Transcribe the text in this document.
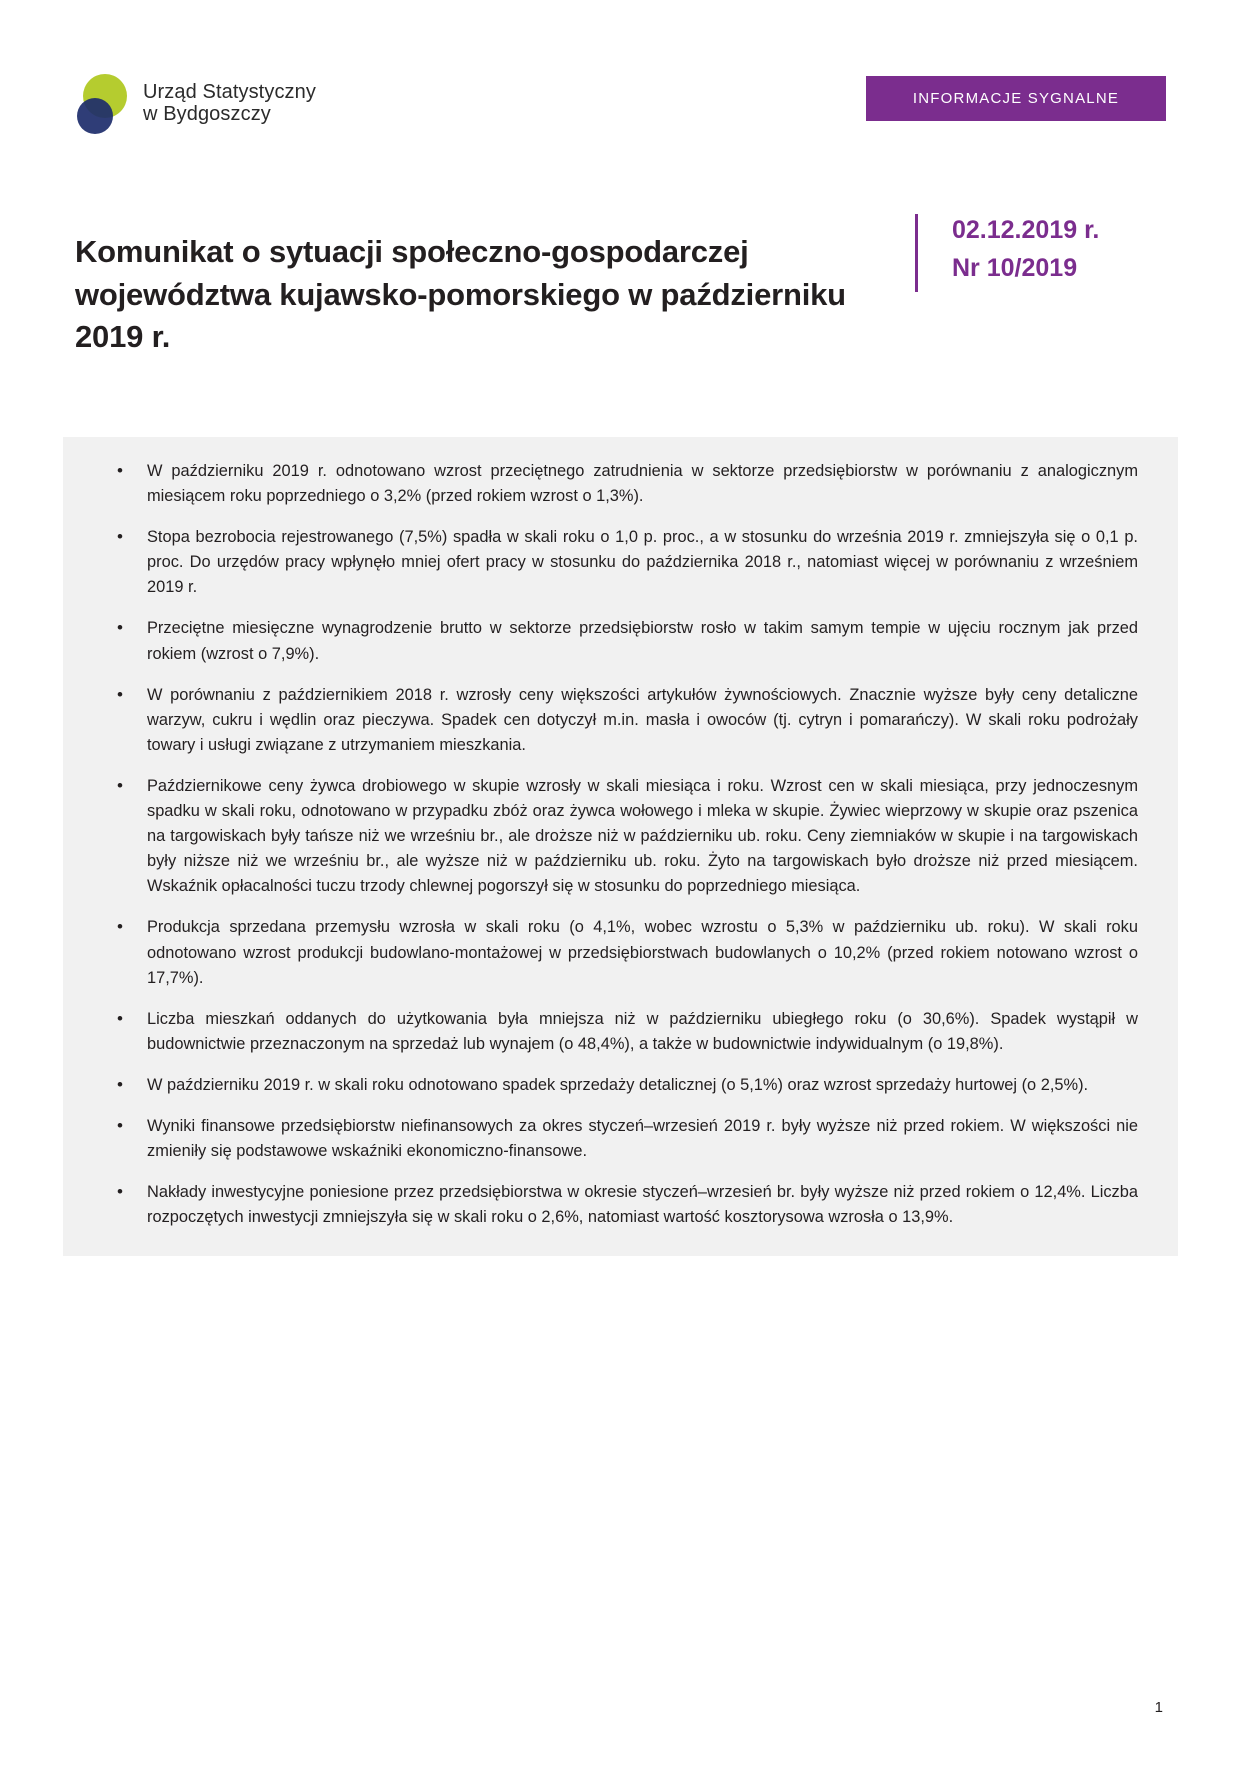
Urząd Statystyczny
w Bydgoszczy
INFORMACJE SYGNALNE
Komunikat o sytuacji społeczno-gospodarczej województwa kujawsko-pomorskiego w październiku 2019 r.
02.12.2019 r.
Nr 10/2019
• W październiku 2019 r. odnotowano wzrost przeciętnego zatrudnienia w sektorze przedsiębiorstw w porównaniu z analogicznym miesiącem roku poprzedniego o 3,2% (przed rokiem wzrost o 1,3%).
• Stopa bezrobocia rejestrowanego (7,5%) spadła w skali roku o 1,0 p. proc., a w stosunku do września 2019 r. zmniejszyła się o 0,1 p. proc. Do urzędów pracy wpłynęło mniej ofert pracy w stosunku do października 2018 r., natomiast więcej w porównaniu z wrześniem 2019 r.
• Przeciętne miesięczne wynagrodzenie brutto w sektorze przedsiębiorstw rosło w takim samym tempie w ujęciu rocznym jak przed rokiem (wzrost o 7,9%).
• W porównaniu z październikiem 2018 r. wzrosły ceny większości artykułów żywnościowych. Znacznie wyższe były ceny detaliczne warzyw, cukru i wędlin oraz pieczywa. Spadek cen dotyczył m.in. masła i owoców (tj. cytryn i pomarańczy). W skali roku podrożały towary i usługi związane z utrzymaniem mieszkania.
• Październikowe ceny żywca drobiowego w skupie wzrosły w skali miesiąca i roku. Wzrost cen w skali miesiąca, przy jednoczesnym spadku w skali roku, odnotowano w przypadku zbóż oraz żywca wołowego i mleka w skupie. Żywiec wieprzowy w skupie oraz pszenica na targowiskach były tańsze niż we wrześniu br., ale droższe niż w październiku ub. roku. Ceny ziemniaków w skupie i na targowiskach były niższe niż we wrześniu br., ale wyższe niż w październiku ub. roku. Żyto na targowiskach było droższe niż przed miesiącem. Wskaźnik opłacalności tuczu trzody chlewnej pogorszył się w stosunku do poprzedniego miesiąca.
• Produkcja sprzedana przemysłu wzrosła w skali roku (o 4,1%, wobec wzrostu o 5,3% w październiku ub. roku). W skali roku odnotowano wzrost produkcji budowlano-montażowej w przedsiębiorstwach budowlanych o 10,2% (przed rokiem notowano wzrost o 17,7%).
• Liczba mieszkań oddanych do użytkowania była mniejsza niż w październiku ubiegłego roku (o 30,6%). Spadek wystąpił w budownictwie przeznaczonym na sprzedaż lub wynajem (o 48,4%), a także w budownictwie indywidualnym (o 19,8%).
• W październiku 2019 r. w skali roku odnotowano spadek sprzedaży detalicznej (o 5,1%) oraz wzrost sprzedaży hurtowej (o 2,5%).
• Wyniki finansowe przedsiębiorstw niefinansowych za okres styczeń–wrzesień 2019 r. były wyższe niż przed rokiem. W większości nie zmieniły się podstawowe wskaźniki ekonomiczno-finansowe.
• Nakłady inwestycyjne poniesione przez przedsiębiorstwa w okresie styczeń–wrzesień br. były wyższe niż przed rokiem o 12,4%. Liczba rozpoczętych inwestycji zmniejszyła się w skali roku o 2,6%, natomiast wartość kosztorysowa wzrosła o 13,9%.
1
